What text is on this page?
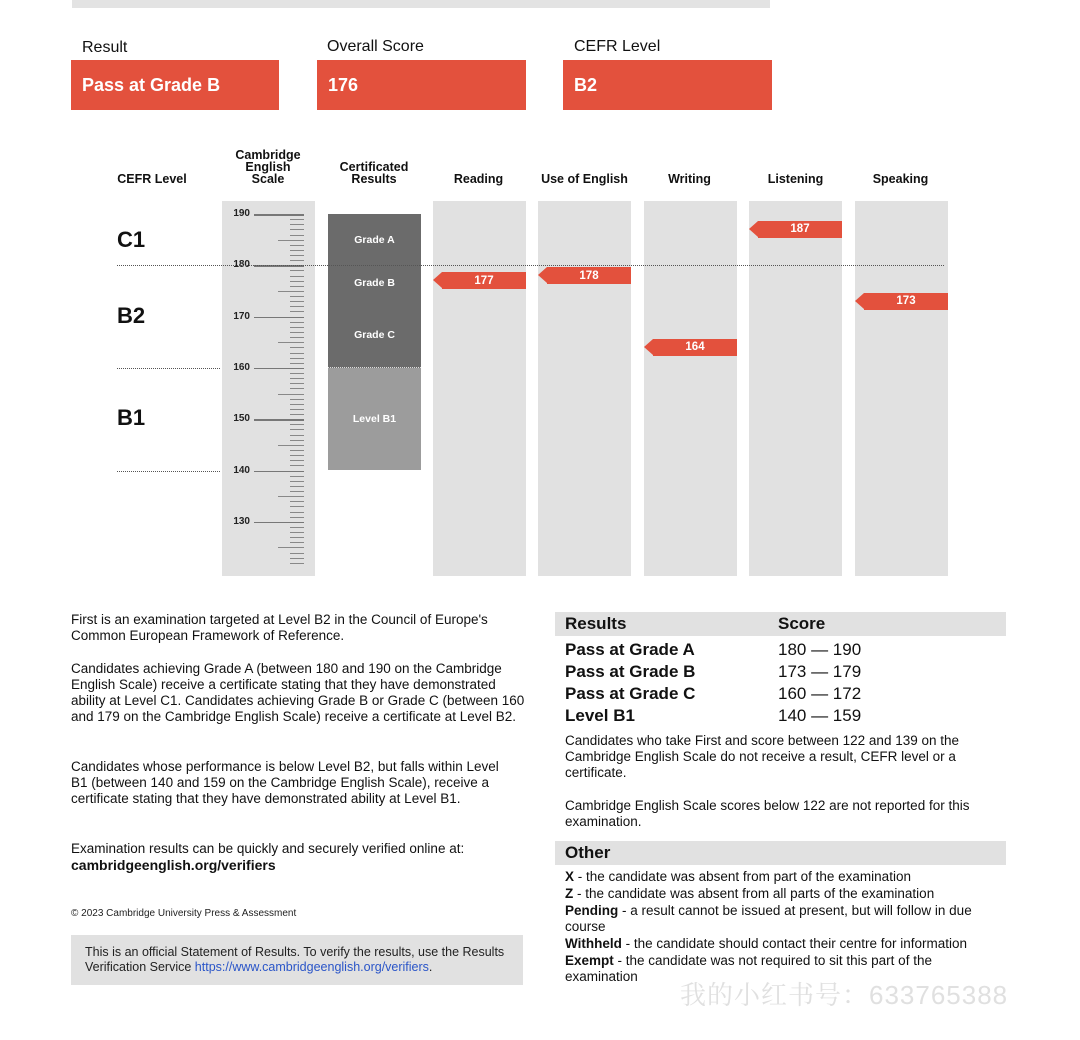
Result
Pass at Grade B
Overall Score
176
CEFR Level
B2
CEFR Level
Cambridge
English
Scale
Certificated
Results	Reading	Use of English	Writing	Listening	Speaking
C1
B2
B1
190
180
170
160
150
140
130
Grade A
Grade B
Grade C
Level B1
177	178
164
187
173
First is an examination targeted at Level B2 in the Council of Europe's Common European Framework of Reference.
Candidates achieving Grade A (between 180 and 190 on the Cambridge English Scale) receive a certificate stating that they have demonstrated ability at Level C1. Candidates achieving Grade B or Grade C (between 160 and 179 on the Cambridge English Scale) receive a certificate at Level B2.
Candidates whose performance is below Level B2, but falls within Level B1 (between 140 and 159 on the Cambridge English Scale), receive a certificate stating that they have demonstrated ability at Level B1.
Examination results can be quickly and securely verified online at:
cambridgeenglish.org/verifiers
© 2023 Cambridge University Press & Assessment
This is an official Statement of Results. To verify the results, use the Results Verification Service https://www.cambridgeenglish.org/verifiers.
Results	Score
Pass at Grade A	180 — 190
Pass at Grade B	173 — 179
Pass at Grade C	160 — 172
Level B1	140 — 159
Candidates who take First and score between 122 and 139 on the Cambridge English Scale do not receive a result, CEFR level or a certificate.
Cambridge English Scale scores below 122 are not reported for this examination.
Other
X - the candidate was absent from part of the examination
Z - the candidate was absent from all parts of the examination
Pending - a result cannot be issued at present, but will follow in due course
Withheld - the candidate should contact their centre for information
Exempt - the candidate was not required to sit this part of the examination
我的小红书号：633765388
